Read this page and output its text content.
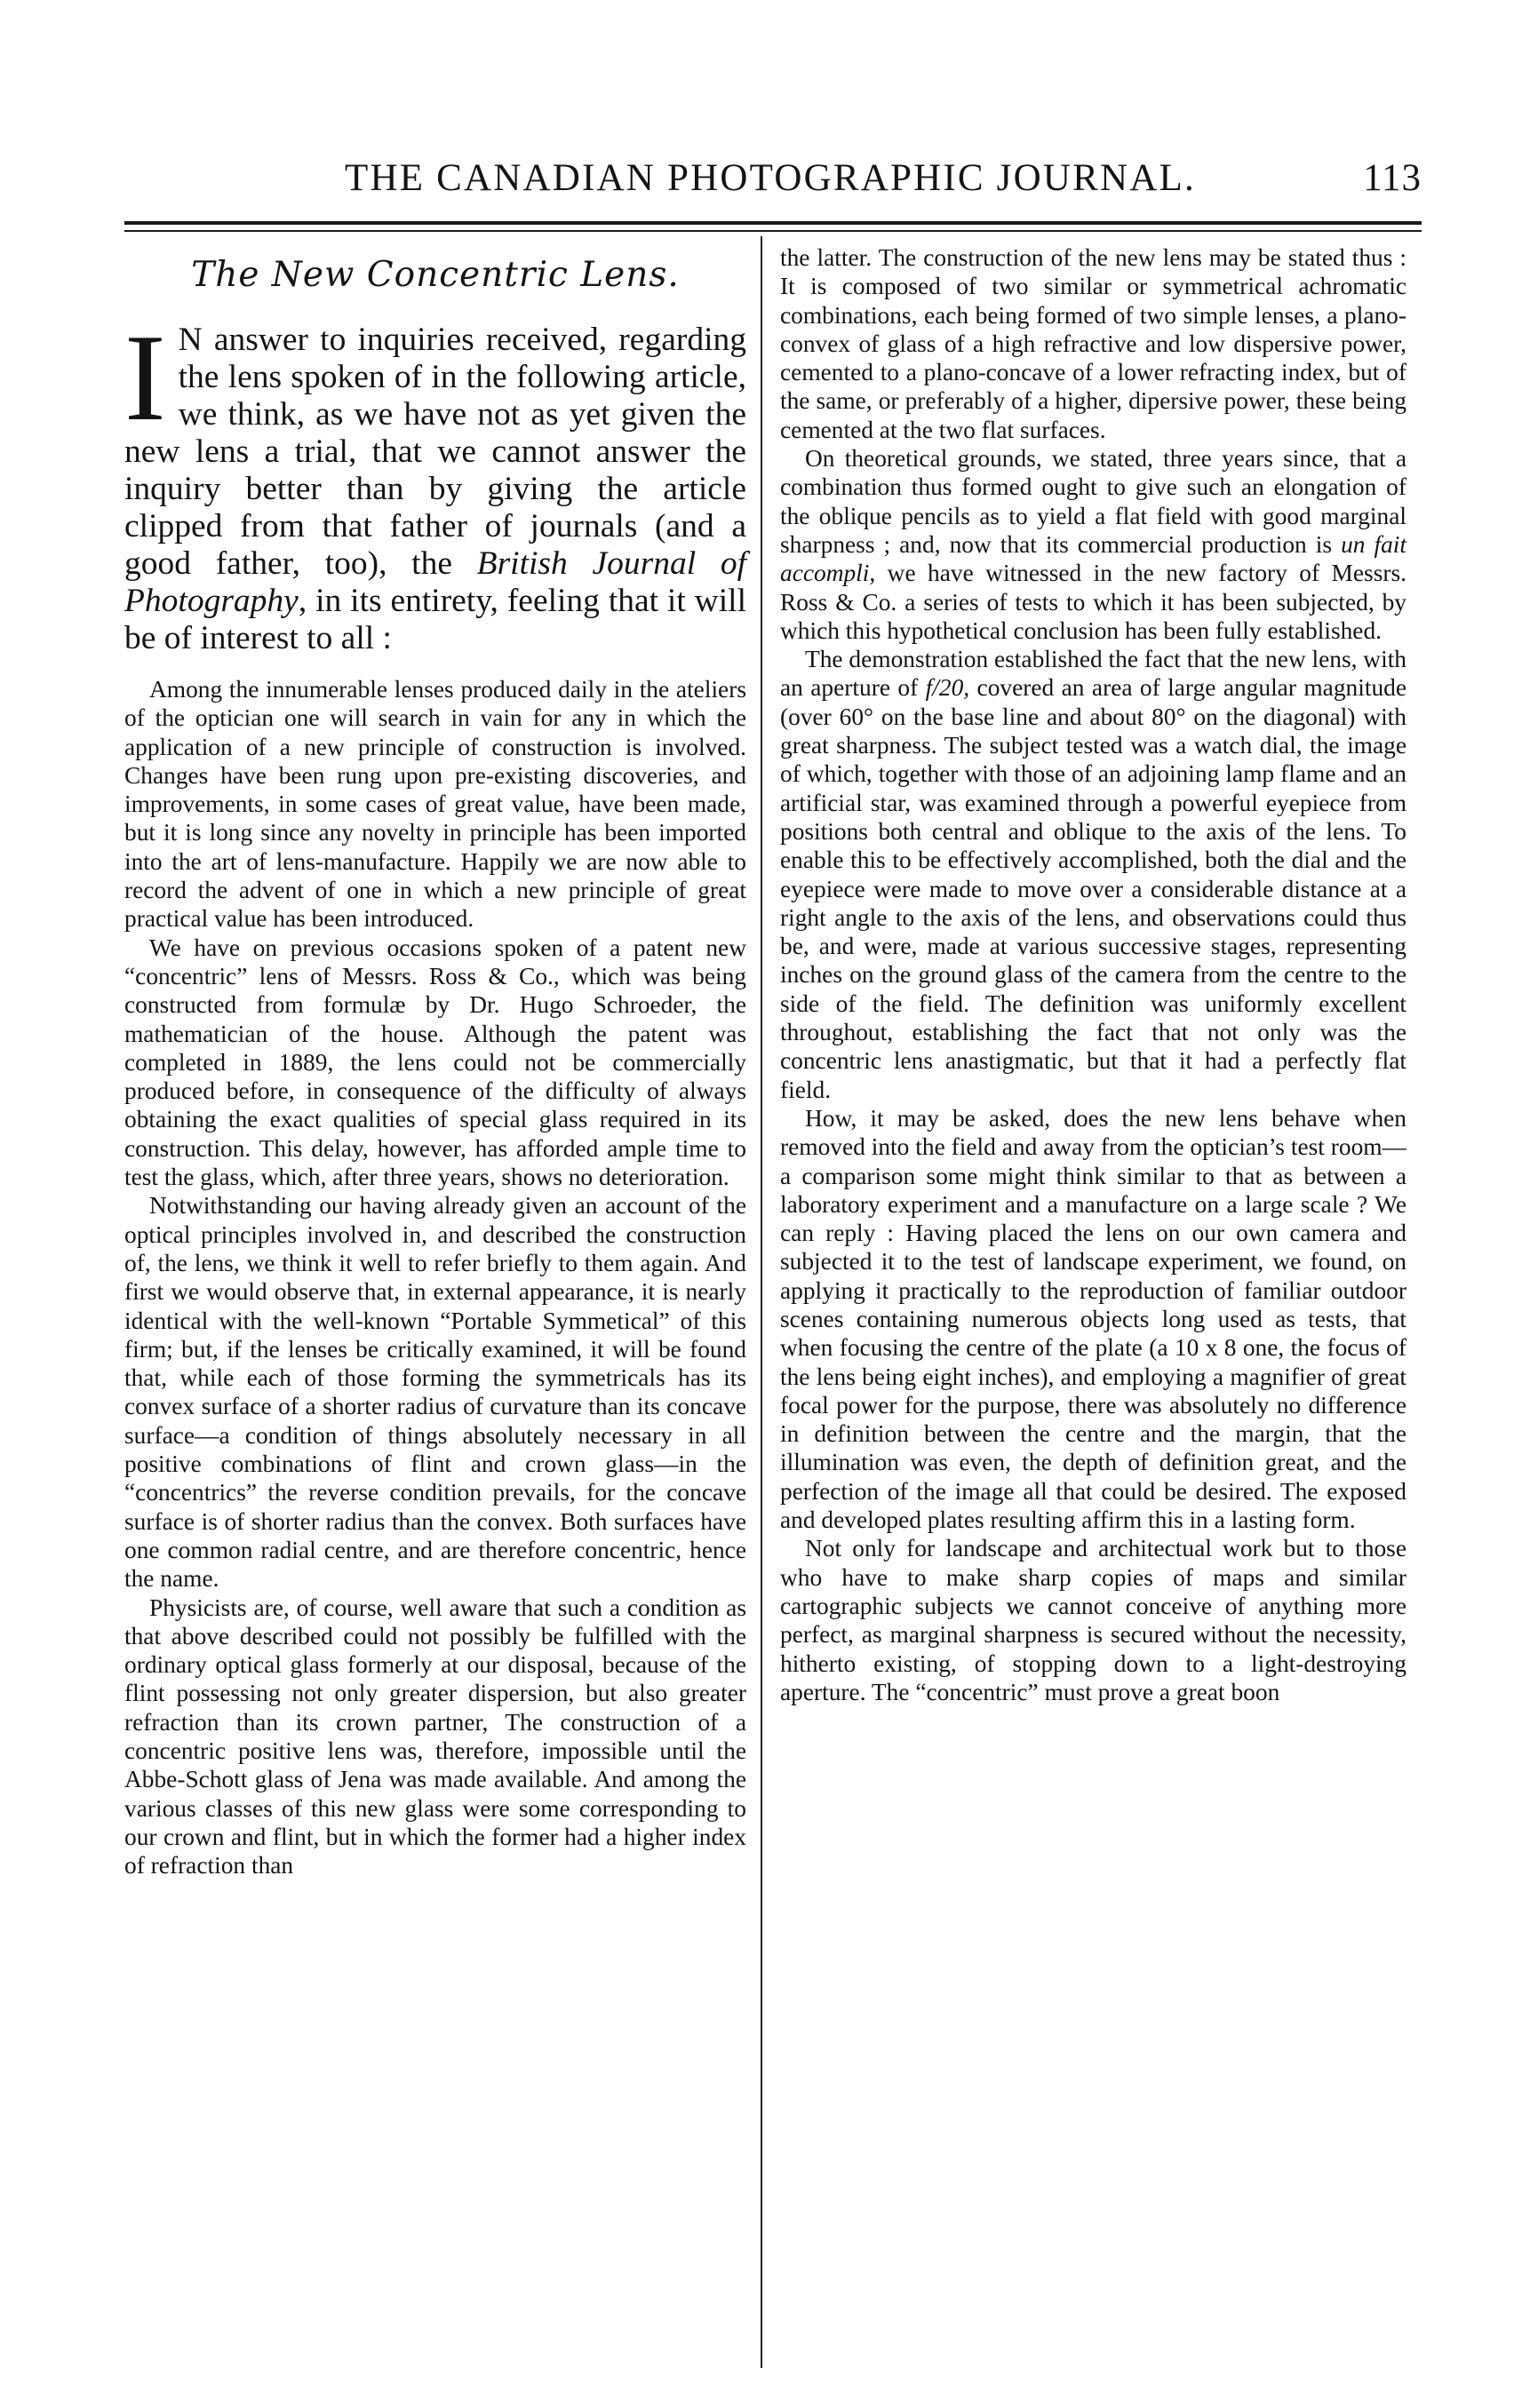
THE CANADIAN PHOTOGRAPHIC JOURNAL.	113
The New Concentric Lens.
I N answer to inquiries received, regarding the lens spoken of in the following article, we think, as we have not as yet given the new lens a trial, that we cannot answer the inquiry better than by giving the article clipped from that father of journals (and a good father, too), the British Journal of Photography, in its entirety, feeling that it will be of interest to all :

Among the innumerable lenses produced daily in the ateliers of the optician one will search in vain for any in which the application of a new principle of construction is involved. Changes have been rung upon pre-existing discoveries, and improvements, in some cases of great value, have been made, but it is long since any novelty in principle has been imported into the art of lens-manufacture. Happily we are now able to record the advent of one in which a new principle of great practical value has been introduced.

We have on previous occasions spoken of a patent new “concentric” lens of Messrs. Ross & Co., which was being constructed from formulæ by Dr. Hugo Schroeder, the mathematician of the house. Although the patent was completed in 1889, the lens could not be commercially produced before, in consequence of the difficulty of always obtaining the exact qualities of special glass required in its construction. This delay, however, has afforded ample time to test the glass, which, after three years, shows no deterioration.

Notwithstanding our having already given an account of the optical principles involved in, and described the construction of, the lens, we think it well to refer briefly to them again. And first we would observe that, in external appearance, it is nearly identical with the well-known “Portable Symmetical” of this firm; but, if the lenses be critically examined, it will be found that, while each of those forming the symmetricals has its convex surface of a shorter radius of curvature than its concave surface—a condition of things absolutely necessary in all positive combinations of flint and crown glass—in the “concentrics” the reverse condition prevails, for the concave surface is of shorter radius than the convex. Both surfaces have one common radial centre, and are therefore concentric, hence the name.

Physicists are, of course, well aware that such a condition as that above described could not possibly be fulfilled with the ordinary optical glass formerly at our disposal, because of the flint possessing not only greater dispersion, but also greater refraction than its crown partner, The construction of a concentric positive lens was, therefore, impossible until the Abbe-Schott glass of Jena was made available. And among the various classes of this new glass were some corresponding to our crown and flint, but in which the former had a higher index of refraction than

the latter. The construction of the new lens may be stated thus : It is composed of two similar or symmetrical achromatic combinations, each being formed of two simple lenses, a plano-convex of glass of a high refractive and low dispersive power, cemented to a plano-concave of a lower refracting index, but of the same, or preferably of a higher, dipersive power, these being cemented at the two flat surfaces.

On theoretical grounds, we stated, three years since, that a combination thus formed ought to give such an elongation of the oblique pencils as to yield a flat field with good marginal sharpness ; and, now that its commercial production is un fait accompli, we have witnessed in the new factory of Messrs. Ross & Co. a series of tests to which it has been subjected, by which this hypothetical conclusion has been fully established.

The demonstration established the fact that the new lens, with an aperture of f/20, covered an area of large angular magnitude (over 60° on the base line and about 80° on the diagonal) with great sharpness. The subject tested was a watch dial, the image of which, together with those of an adjoining lamp flame and an artificial star, was examined through a powerful eyepiece from positions both central and oblique to the axis of the lens. To enable this to be effectively accomplished, both the dial and the eyepiece were made to move over a considerable distance at a right angle to the axis of the lens, and observations could thus be, and were, made at various successive stages, representing inches on the ground glass of the camera from the centre to the side of the field. The definition was uniformly excellent throughout, establishing the fact that not only was the concentric lens anastigmatic, but that it had a perfectly flat field.

How, it may be asked, does the new lens behave when removed into the field and away from the optician’s test room—a comparison some might think similar to that as between a laboratory experiment and a manufacture on a large scale ? We can reply : Having placed the lens on our own camera and subjected it to the test of landscape experiment, we found, on applying it practically to the reproduction of familiar outdoor scenes containing numerous objects long used as tests, that when focusing the centre of the plate (a 10 x 8 one, the focus of the lens being eight inches), and employing a magnifier of great focal power for the purpose, there was absolutely no difference in definition between the centre and the margin, that the illumination was even, the depth of definition great, and the perfection of the image all that could be desired. The exposed and developed plates resulting affirm this in a lasting form.

Not only for landscape and architectual work but to those who have to make sharp copies of maps and similar cartographic subjects we cannot conceive of anything more perfect, as marginal sharpness is secured without the necessity, hitherto existing, of stopping down to a light-destroying aperture. The “concentric” must prove a great boon
